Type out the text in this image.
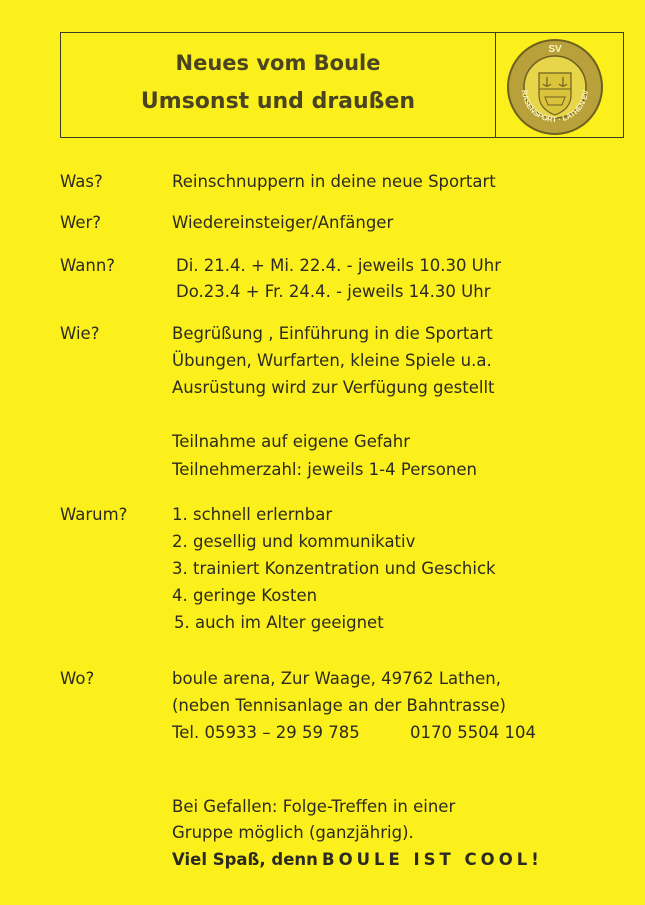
Neues vom Boule
Umsonst und draußen
SV
RASENSPORT · LATHEN EV
Was?	Reinschnuppern in deine neue Sportart
Wer?	Wiedereinsteiger/Anfänger
Wann?	Di. 21.4. + Mi. 22.4. - jeweils 10.30 Uhr
Do.23.4 + Fr. 24.4. - jeweils 14.30 Uhr
Wie?	Begrüßung , Einführung in die Sportart
Übungen, Wurfarten, kleine Spiele u.a.
Ausrüstung wird zur Verfügung gestellt
Teilnahme auf eigene Gefahr
Teilnehmerzahl: jeweils 1-4 Personen
Warum?	1. schnell erlernbar
2. gesellig und kommunikativ
3. trainiert Konzentration und Geschick
4. geringe Kosten
5. auch im Alter geeignet
Wo?	boule arena, Zur Waage, 49762 Lathen,
(neben Tennisanlage an der Bahntrasse)
Tel. 05933 – 29 59 785	0170 5504 104
Bei Gefallen: Folge-Treffen in einer
Gruppe möglich (ganzjährig).
Viel Spaß, denn BOULE IST COOL!
